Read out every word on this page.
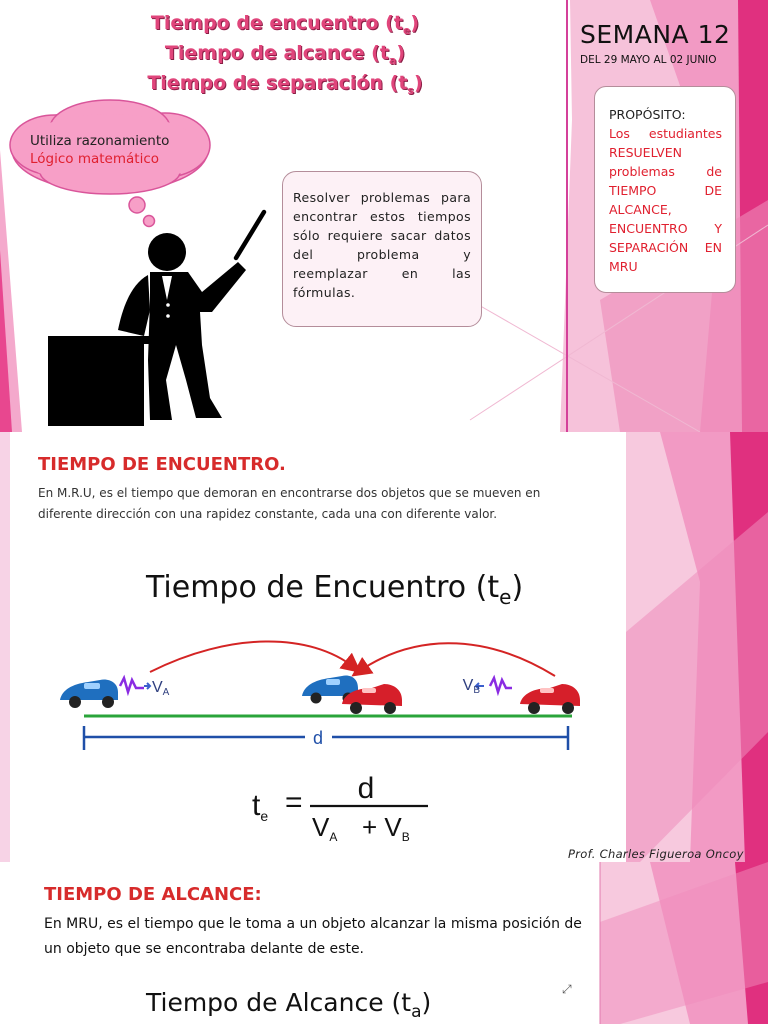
Tiempo de encuentro $(t_e)$
Tiempo de alcance $(t_a)$
Tiempo de separación $(t_s)$
SEMANA 12
DEL 29 MAYO AL 02 JUNIO
Utiliza razonamiento
Lógico matemático
Resolver problemas para encontrar estos tiempos sólo requiere sacar datos del problema y reemplazar en las fórmulas.
PROPÓSITO:
Los estudiantes RESUELVEN problemas de TIEMPO DE ALCANCE, ENCUENTRO Y SEPARACIÓN EN MRU
TIEMPO DE ENCUENTRO.
En M.R.U, es el tiempo que demoran en encontrarse dos objetos que se mueven en diferente dirección con una rapidez constante, cada una con diferente valor.
Tiempo de Encuentro $(t_e)$
VA	VB
d
$t_e = d$
VA + VB
Prof. Charles Figueroa Oncoy
TIEMPO DE ALCANCE:
En MRU, es el tiempo que le toma a un objeto alcanzar la misma posición de un objeto que se encontraba delante de este.
Tiempo de Alcance $(t_a)$	⤢
